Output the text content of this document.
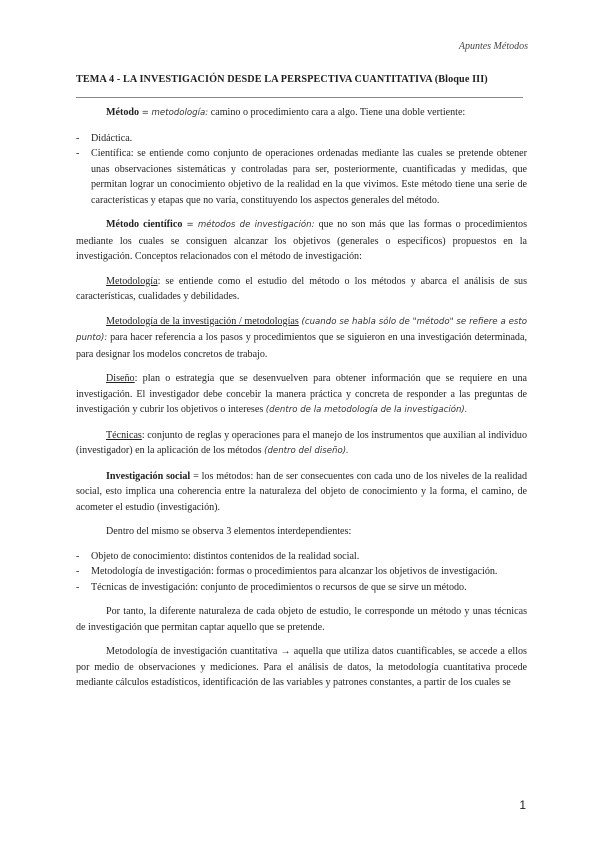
Apuntes Métodos
TEMA 4 - LA INVESTIGACIÓN DESDE LA PERSPECTIVA CUANTITATIVA (Bloque III)

Método = metodología: camino o procedimiento cara a algo. Tiene una doble vertiente:

- Didáctica.
- Científica: se entiende como conjunto de operaciones ordenadas mediante las cuales se pretende obtener unas observaciones sistemáticas y controladas para ser, posteriormente, cuantificadas y medidas, que permitan lograr un conocimiento objetivo de la realidad en la que vivimos. Este método tiene una serie de características y etapas que no varía, constituyendo los aspectos generales del método.

Método científico = métodos de investigación: que no son más que las formas o procedimientos mediante los cuales se consiguen alcanzar los objetivos (generales o específicos) propuestos en la investigación. Conceptos relacionados con el método de investigación:

Metodología: se entiende como el estudio del método o los métodos y abarca el análisis de sus características, cualidades y debilidades.

Metodología de la investigación / metodologías (cuando se habla sólo de "método" se refiere a esto punto): para hacer referencia a los pasos y procedimientos que se siguieron en una investigación determinada, para designar los modelos concretos de trabajo.

Diseño: plan o estrategia que se desenvuelven para obtener información que se requiere en una investigación. El investigador debe concebir la manera práctica y concreta de responder a las preguntas de investigación y cubrir los objetivos o intereses (dentro de la metodología de la investigación).

Técnicas: conjunto de reglas y operaciones para el manejo de los instrumentos que auxilian al individuo (investigador) en la aplicación de los métodos (dentro del diseño).

Investigación social = los métodos: han de ser consecuentes con cada uno de los niveles de la realidad social, esto implica una coherencia entre la naturaleza del objeto de conocimiento y la forma, el camino, de acometer el estudio (investigación).

Dentro del mismo se observa 3 elementos interdependientes:

- Objeto de conocimiento: distintos contenidos de la realidad social.
- Metodología de investigación: formas o procedimientos para alcanzar los objetivos de investigación.
- Técnicas de investigación: conjunto de procedimientos o recursos de que se sirve un método.

Por tanto, la diferente naturaleza de cada objeto de estudio, le corresponde un método y unas técnicas de investigación que permitan captar aquello que se pretende.

Metodología de investigación cuantitativa → aquella que utiliza datos cuantificables, se accede a ellos por medio de observaciones y mediciones. Para el análisis de datos, la metodología cuantitativa procede mediante cálculos estadísticos, identificación de las variables y patrones constantes, a partir de los cuales se

1
